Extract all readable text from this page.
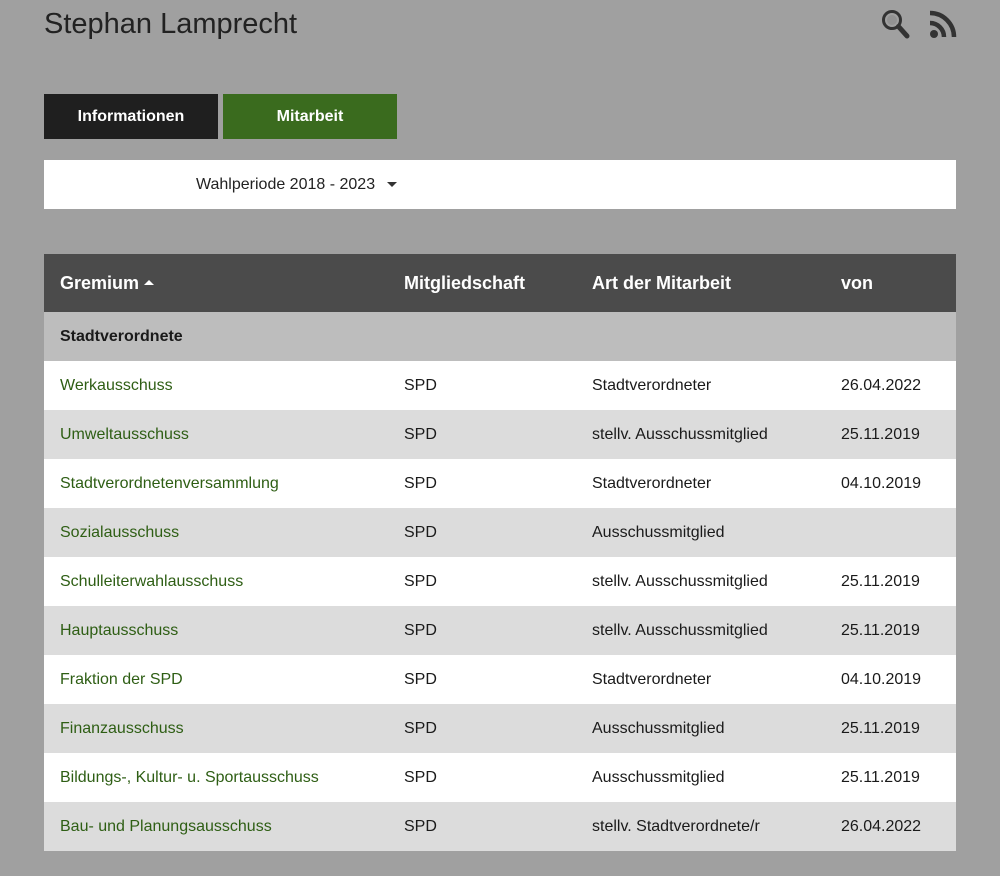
Stephan Lamprecht
Informationen	Mitarbeit
Wahlperiode 2018 - 2023
Gremium	Mitgliedschaft	Art der Mitarbeit	von
Stadtverordnete			
Werkausschuss	SPD	Stadtverordneter	26.04.2022
Umweltausschuss	SPD	stellv. Ausschussmitglied	25.11.2019
Stadtverordnetenversammlung	SPD	Stadtverordneter	04.10.2019
Sozialausschuss	SPD	Ausschussmitglied	
Schulleiterwahlausschuss	SPD	stellv. Ausschussmitglied	25.11.2019
Hauptausschuss	SPD	stellv. Ausschussmitglied	25.11.2019
Fraktion der SPD	SPD	Stadtverordneter	04.10.2019
Finanzausschuss	SPD	Ausschussmitglied	25.11.2019
Bildungs-, Kultur- u. Sportausschuss	SPD	Ausschussmitglied	25.11.2019
Bau- und Planungsausschuss	SPD	stellv. Stadtverordnete/r	26.04.2022
